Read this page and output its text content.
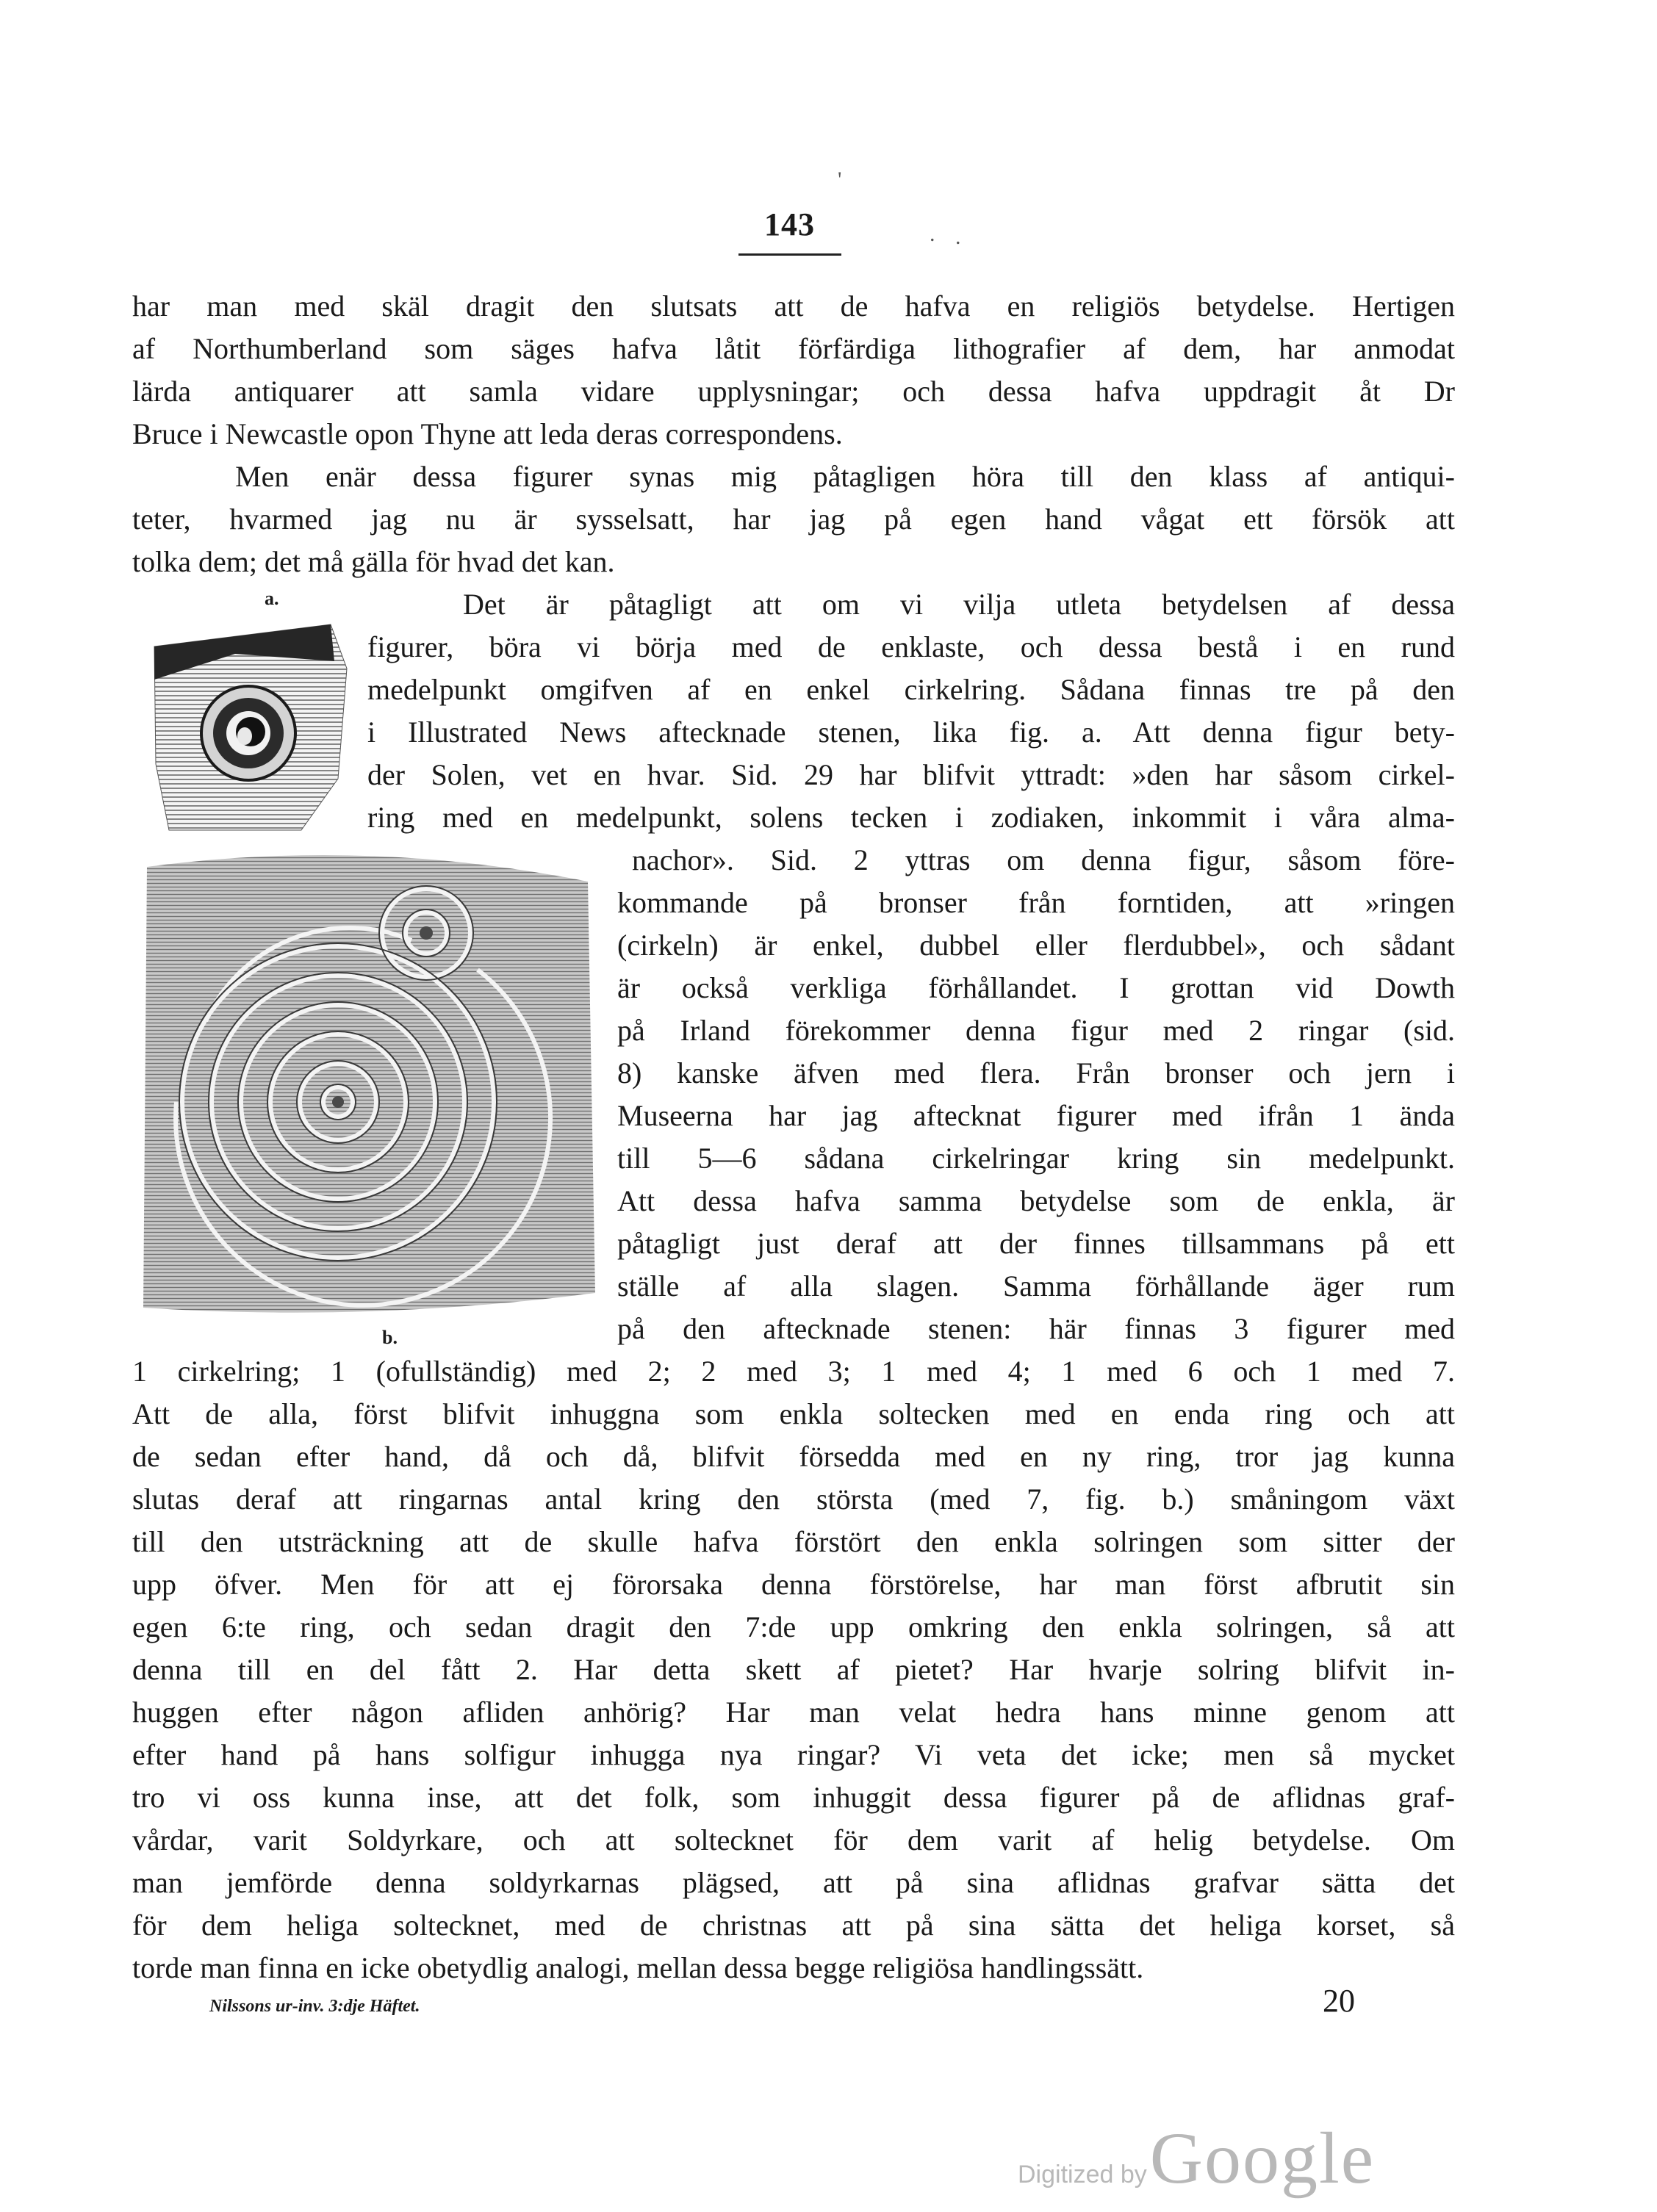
143
'
. .
har man med skäl dragit den slutsats att de hafva en religiös betydelse. Hertigen
af Northumberland som säges hafva låtit förfärdiga lithografier af dem, har anmodat
lärda antiquarer att samla vidare upplysningar; och dessa hafva uppdragit åt Dr
Bruce i Newcastle opon Thyne att leda deras correspondens.
Men enär dessa figurer synas mig påtagligen höra till den klass af antiqui-
teter, hvarmed jag nu är sysselsatt, har jag på egen hand vågat ett försök att
tolka dem; det må gälla för hvad det kan.
a.	Det är påtagligt att om vi vilja utleta betydelsen af dessa
figurer, böra vi börja med de enklaste, och dessa bestå i en rund
medelpunkt omgifven af en enkel cirkelring. Sådana finnas tre på den
i Illustrated News aftecknade stenen, lika fig. a. Att denna figur bety-
der Solen, vet en hvar. Sid. 29 har blifvit yttradt: »den har såsom cirkel-
ring med en medelpunkt, solens tecken i zodiaken, inkommit i våra alma-
b.
nachor». Sid. 2 yttras om denna figur, såsom före-
kommande på bronser från forntiden, att »ringen
(cirkeln) är enkel, dubbel eller flerdubbel», och sådant
är också verkliga förhållandet. I grottan vid Dowth
på Irland förekommer denna figur med 2 ringar (sid.
8) kanske äfven med flera. Från bronser och jern i
Museerna har jag aftecknat figurer med ifrån 1 ända
till 5—6 sådana cirkelringar kring sin medelpunkt.
Att dessa hafva samma betydelse som de enkla, är
påtagligt just deraf att der finnes tillsammans på ett
ställe af alla slagen. Samma förhållande äger rum
på den aftecknade stenen: här finnas 3 figurer med
1 cirkelring; 1 (ofullständig) med 2; 2 med 3; 1 med 4; 1 med 6 och 1 med 7.
Att de alla, först blifvit inhuggna som enkla soltecken med en enda ring och att
de sedan efter hand, då och då, blifvit försedda med en ny ring, tror jag kunna
slutas deraf att ringarnas antal kring den största (med 7, fig. b.) småningom växt
till den utsträckning att de skulle hafva förstört den enkla solringen som sitter der
upp öfver. Men för att ej förorsaka denna förstörelse, har man först afbrutit sin
egen 6:te ring, och sedan dragit den 7:de upp omkring den enkla solringen, så att
denna till en del fått 2. Har detta skett af pietet? Har hvarje solring blifvit in-
huggen efter någon afliden anhörig? Har man velat hedra hans minne genom att
efter hand på hans solfigur inhugga nya ringar? Vi veta det icke; men så mycket
tro vi oss kunna inse, att det folk, som inhuggit dessa figurer på de aflidnas graf-
vårdar, varit Soldyrkare, och att soltecknet för dem varit af helig betydelse. Om
man jemförde denna soldyrkarnas plägsed, att på sina aflidnas grafvar sätta det
för dem heliga soltecknet, med de christnas att på sina sätta det heliga korset, så
torde man finna en icke obetydlig analogi, mellan dessa begge religiösa handlingssätt.
Nilssons ur-inv. 3:dje Häftet.	20
Digitized by Google
